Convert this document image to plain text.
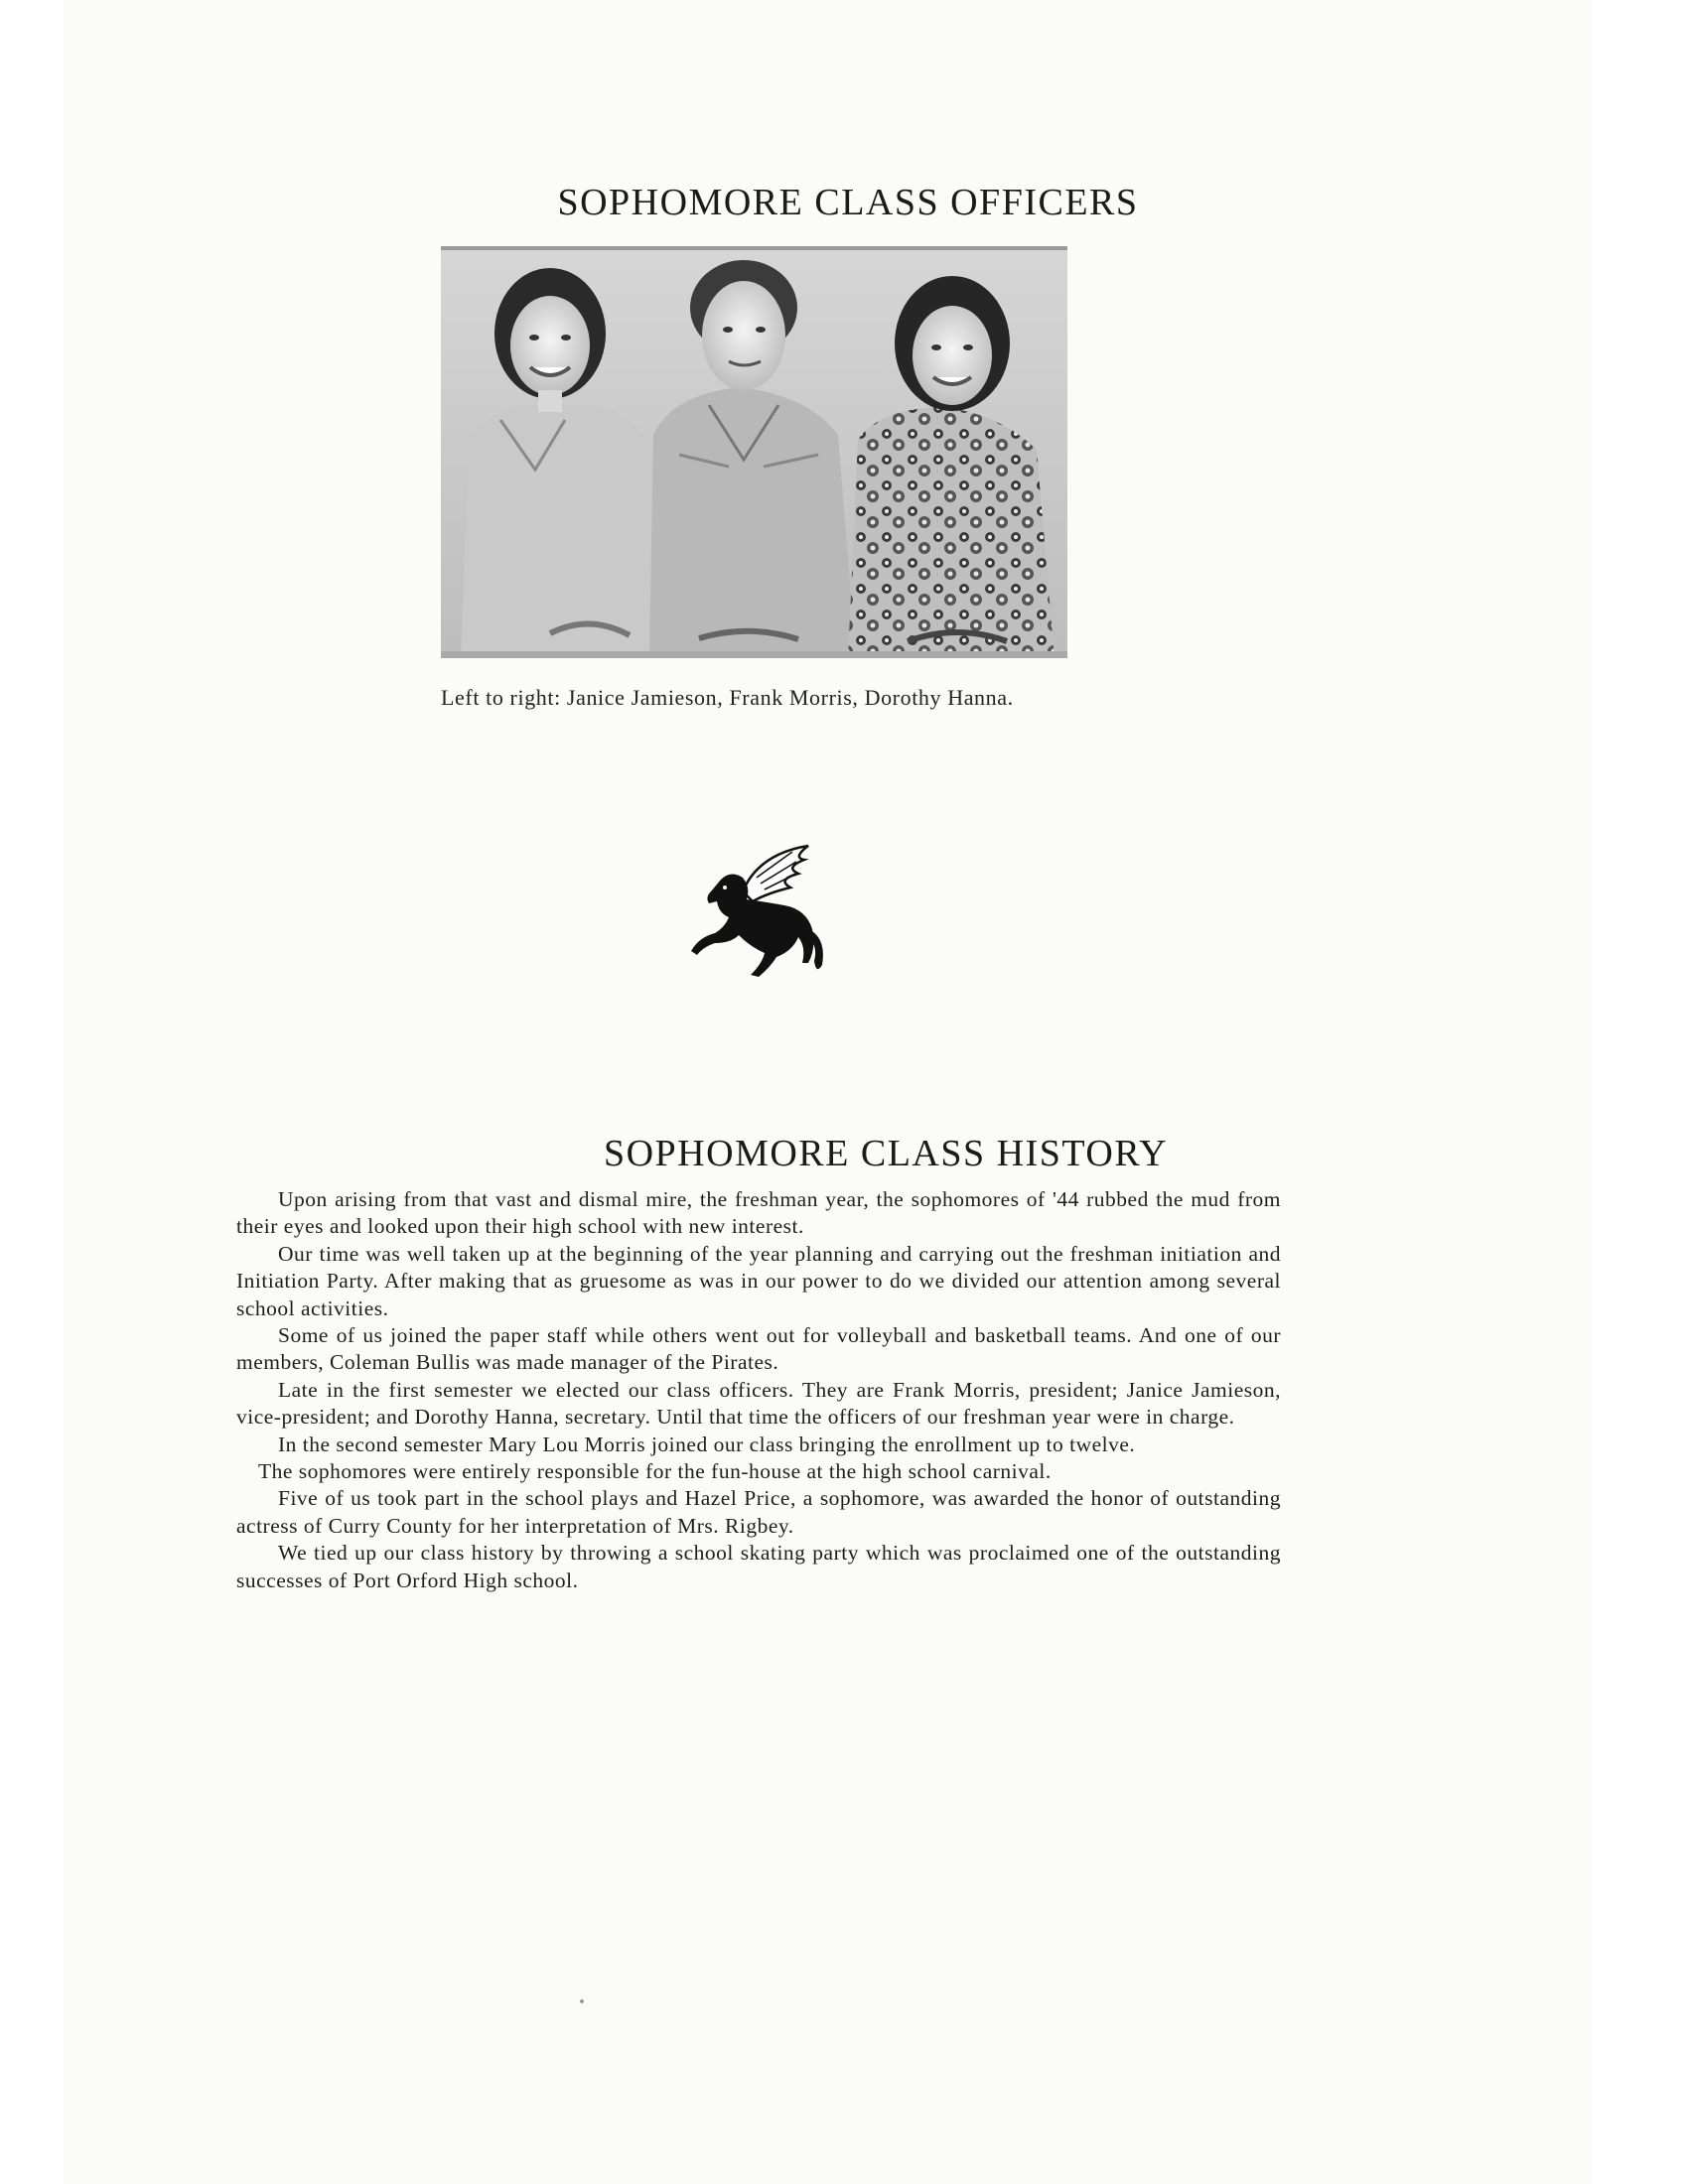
SOPHOMORE CLASS OFFICERS
Left to right: Janice Jamieson, Frank Morris, Dorothy Hanna.
SOPHOMORE CLASS HISTORY

Upon arising from that vast and dismal mire, the freshman year, the sophomores of '44 rubbed the mud from their eyes and looked upon their high school with new interest.

Our time was well taken up at the beginning of the year planning and carrying out the freshman initiation and Initiation Party. After making that as gruesome as was in our power to do we divided our attention among several school activities.

Some of us joined the paper staff while others went out for volleyball and basketball teams. And one of our members, Coleman Bullis was made manager of the Pirates.

Late in the first semester we elected our class officers. They are Frank Morris, president; Janice Jamieson, vice-president; and Dorothy Hanna, secretary. Until that time the officers of our freshman year were in charge.

In the second semester Mary Lou Morris joined our class bringing the enrollment up to twelve.

The sophomores were entirely responsible for the fun-house at the high school carnival.

Five of us took part in the school plays and Hazel Price, a sophomore, was awarded the honor of outstanding actress of Curry County for her interpretation of Mrs. Rigbey.

We tied up our class history by throwing a school skating party which was proclaimed one of the outstanding successes of Port Orford High school.
